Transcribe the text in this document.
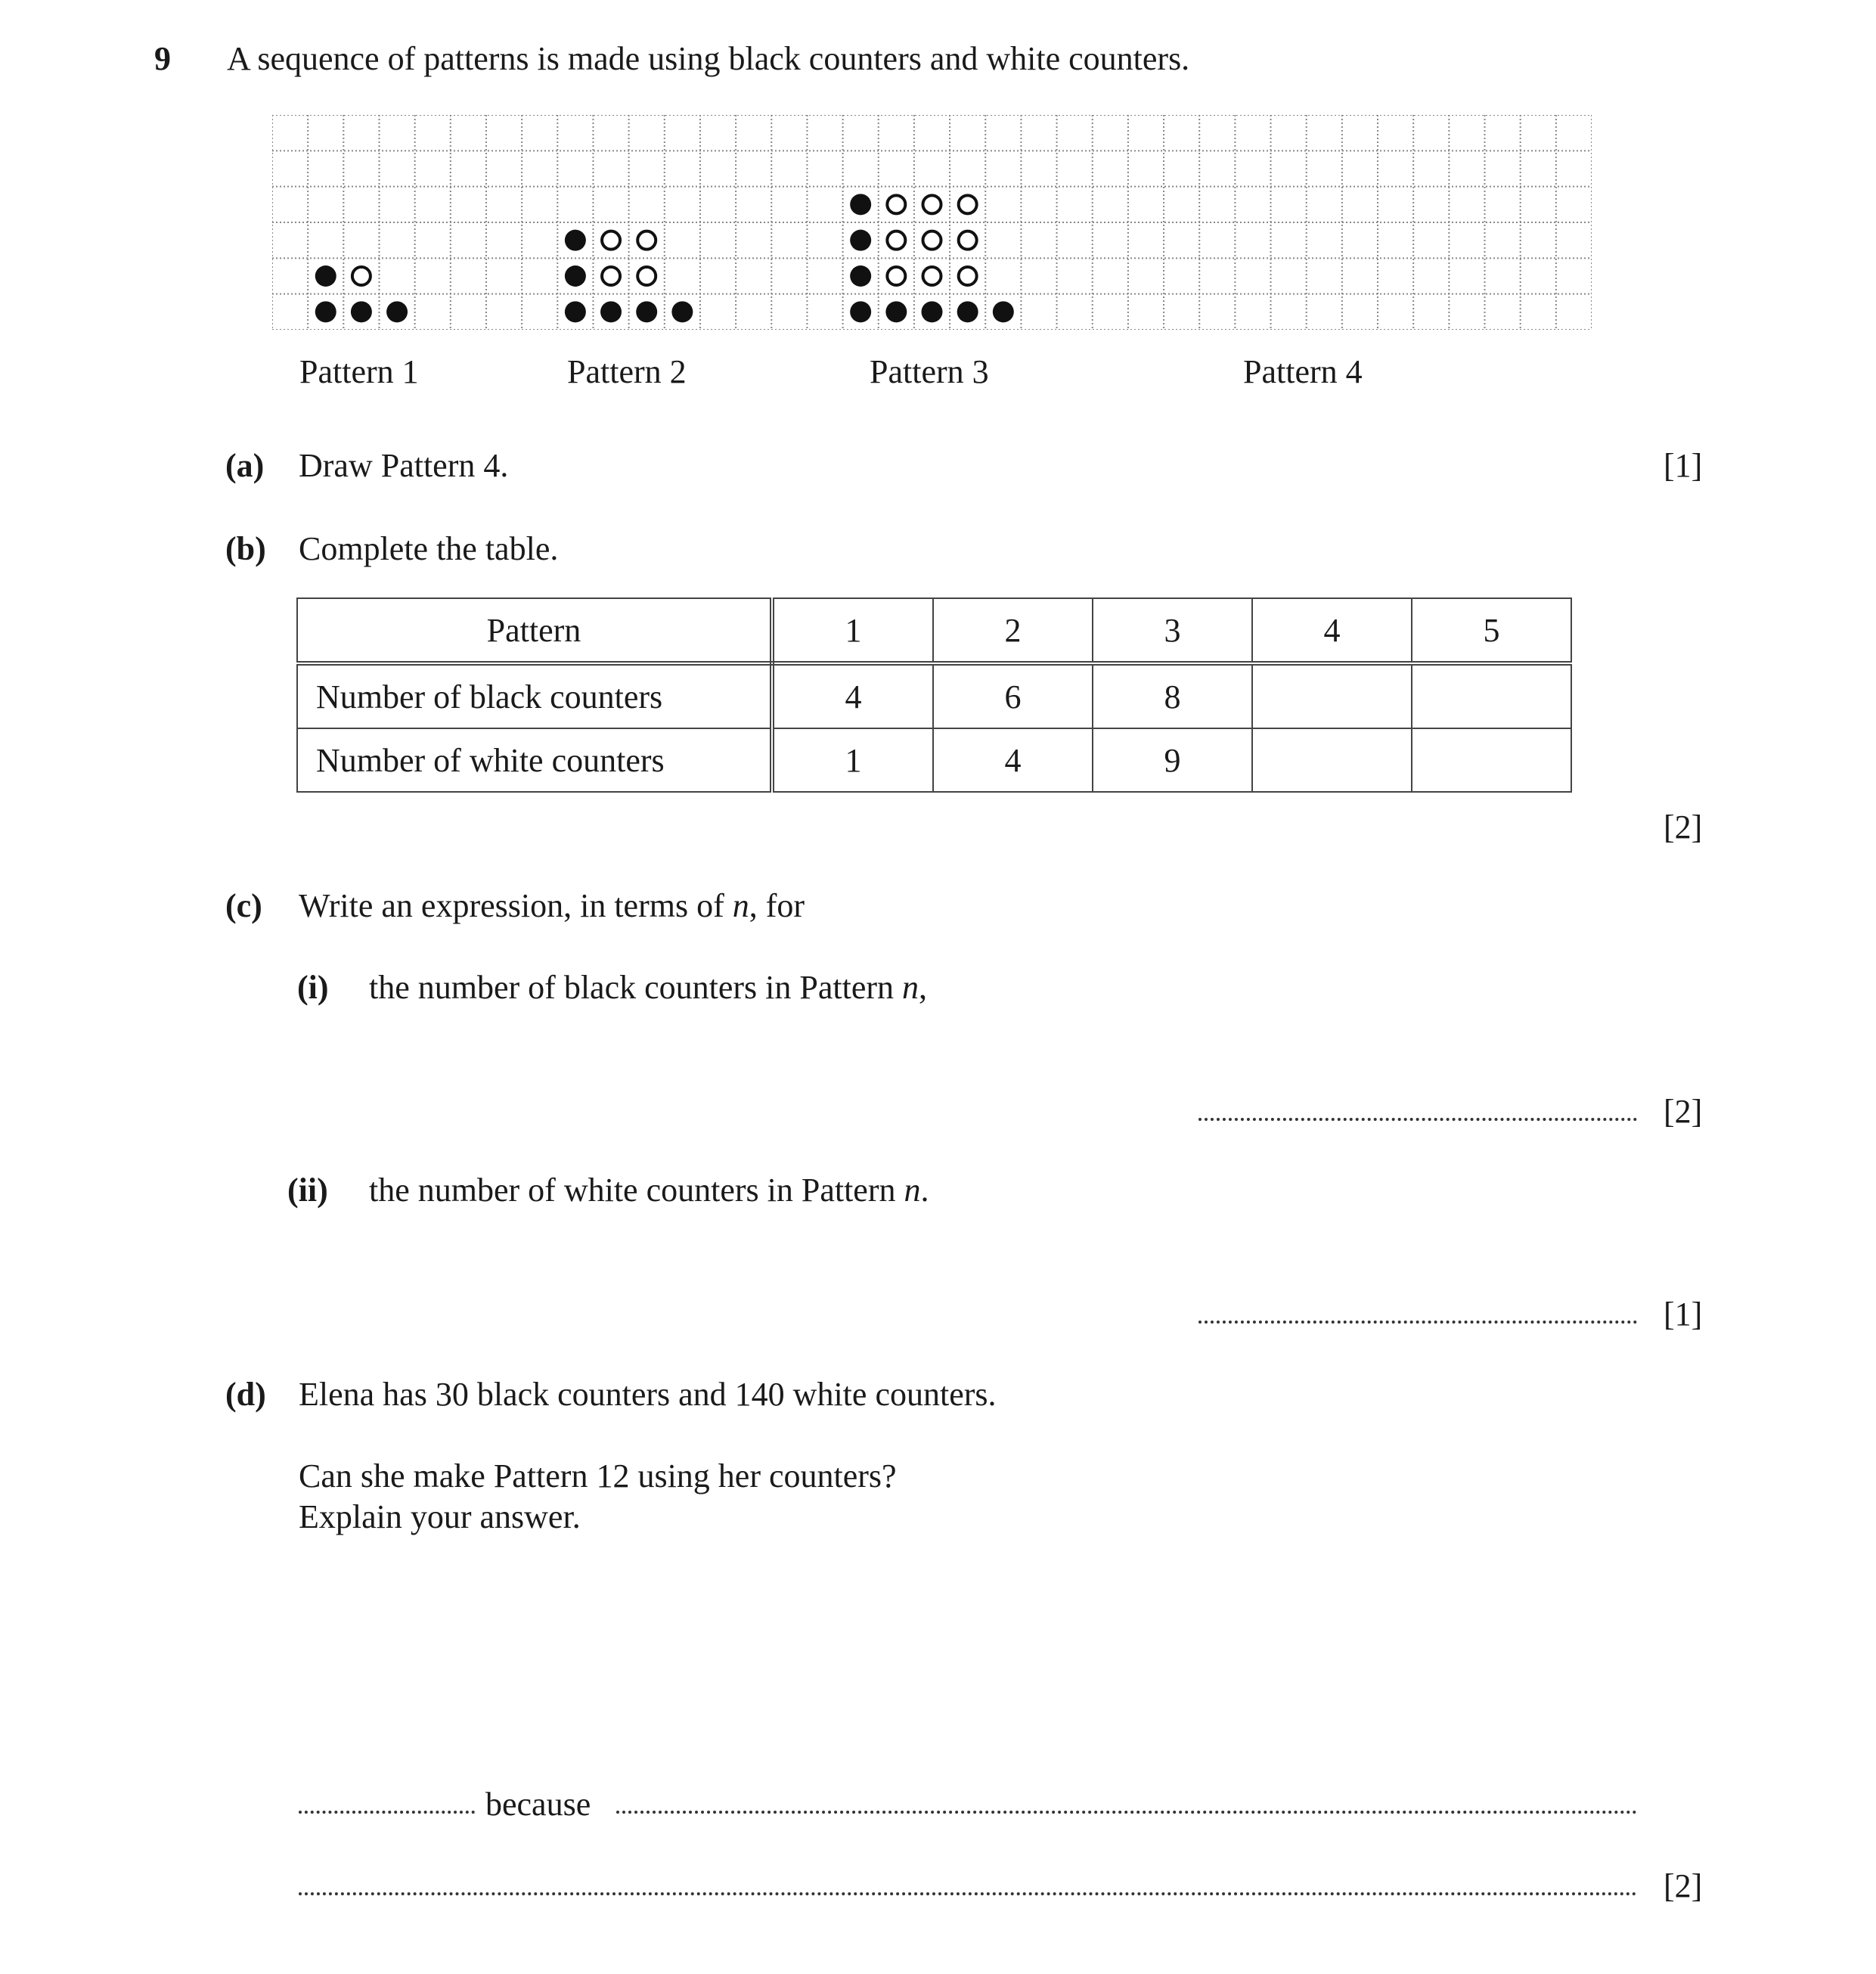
9 A sequence of patterns is made using black counters and white counters.
Pattern 1	Pattern 2	Pattern 3	Pattern 4
(a) Draw Pattern 4.	[1]
(b) Complete the table.
Pattern	1	2	3	4	5
Number of black counters	4	6	8		
Number of white counters	1	4	9		
[2]
(c) Write an expression, in terms of n, for
(i) the number of black counters in Pattern n,
[2]
(ii) the number of white counters in Pattern n.
[1]
(d) Elena has 30 black counters and 140 white counters.
Can she make Pattern 12 using her counters?
Explain your answer.
because
[2]
